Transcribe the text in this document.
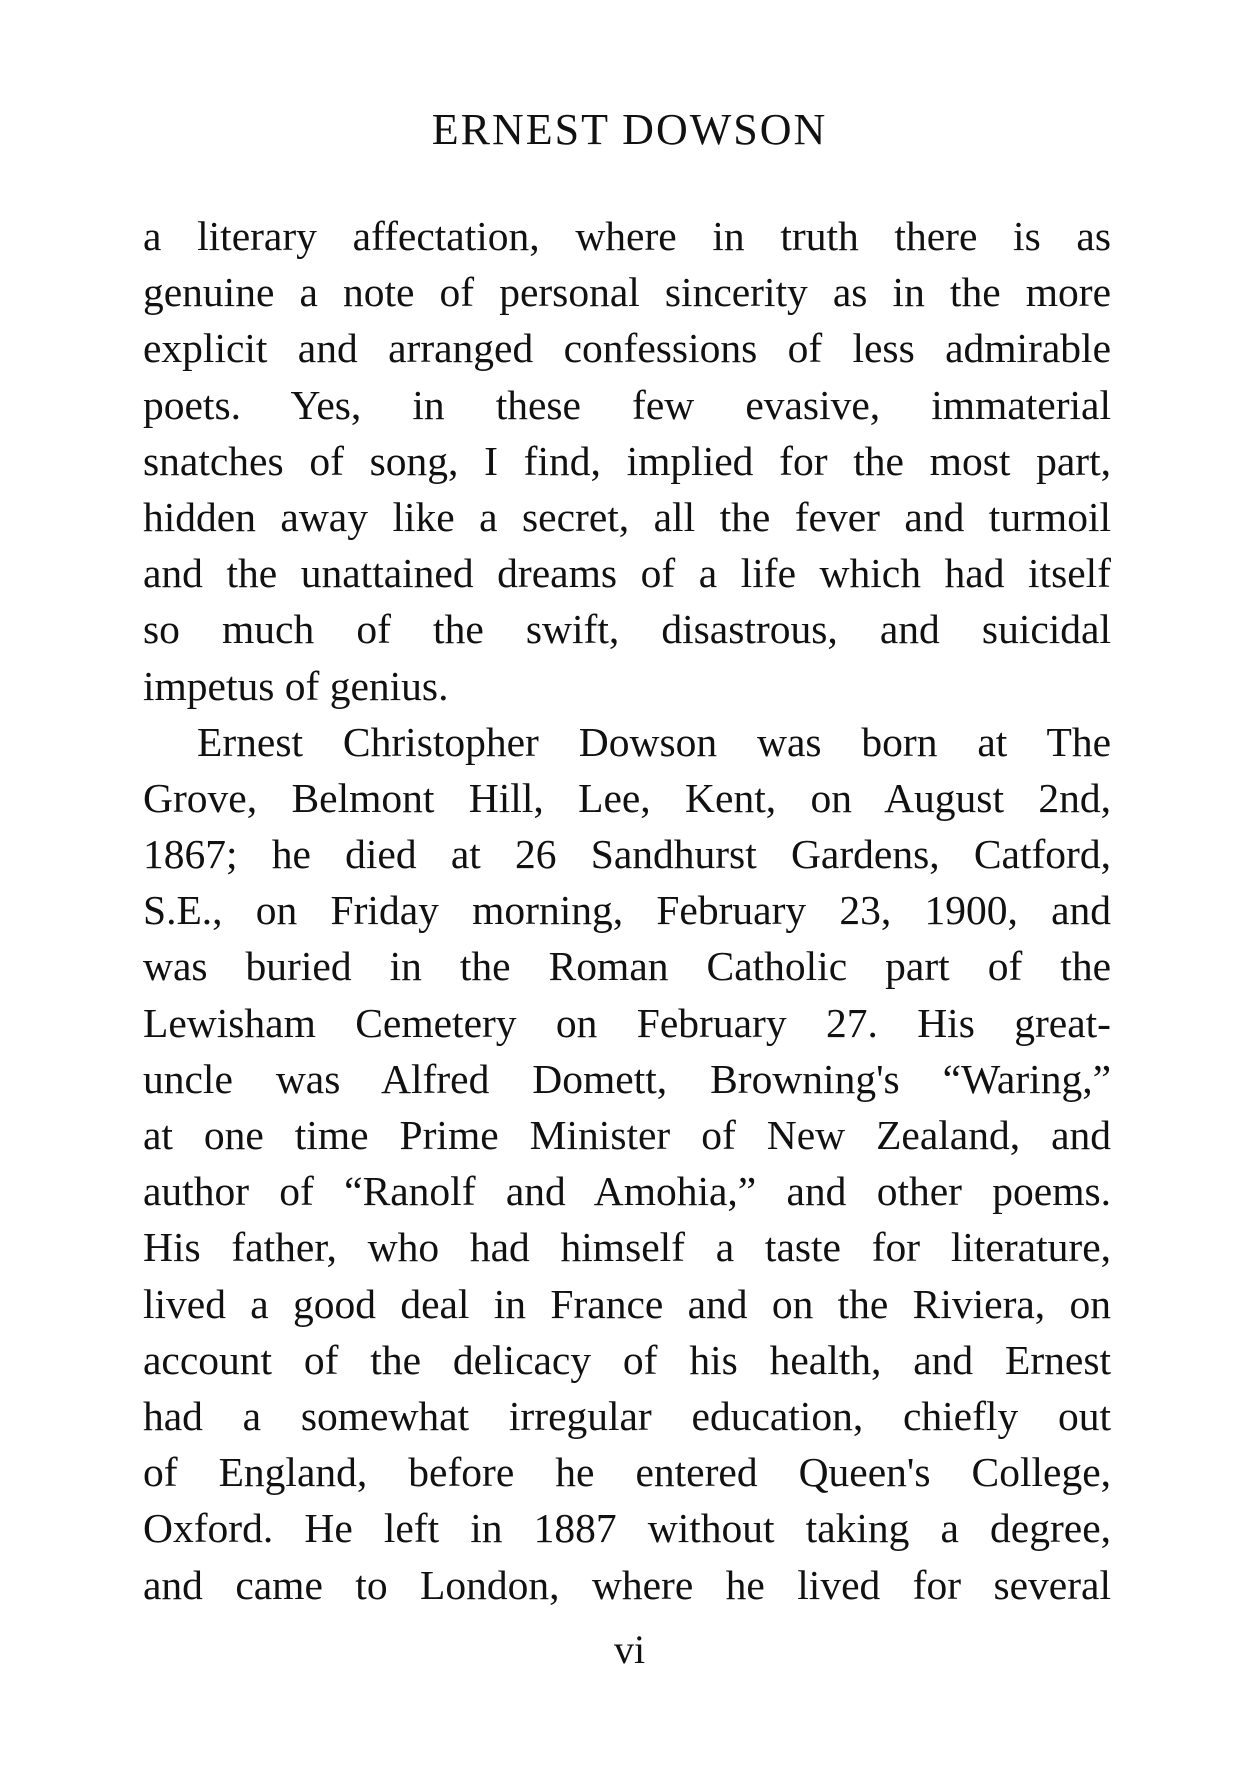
ERNEST DOWSON
a literary affectation, where in truth there is as
genuine a note of personal sincerity as in the more
explicit and arranged confessions of less admirable
poets. Yes, in these few evasive, immaterial
snatches of song, I find, implied for the most part,
hidden away like a secret, all the fever and turmoil
and the unattained dreams of a life which had itself
so much of the swift, disastrous, and suicidal
impetus of genius.
Ernest Christopher Dowson was born at The
Grove, Belmont Hill, Lee, Kent, on August 2nd,
1867; he died at 26 Sandhurst Gardens, Catford,
S.E., on Friday morning, February 23, 1900, and
was buried in the Roman Catholic part of the
Lewisham Cemetery on February 27. His great-
uncle was Alfred Domett, Browning's “Waring,”
at one time Prime Minister of New Zealand, and
author of “Ranolf and Amohia,” and other poems.
His father, who had himself a taste for literature,
lived a good deal in France and on the Riviera, on
account of the delicacy of his health, and Ernest
had a somewhat irregular education, chiefly out
of England, before he entered Queen's College,
Oxford. He left in 1887 without taking a degree,
and came to London, where he lived for several
vi
